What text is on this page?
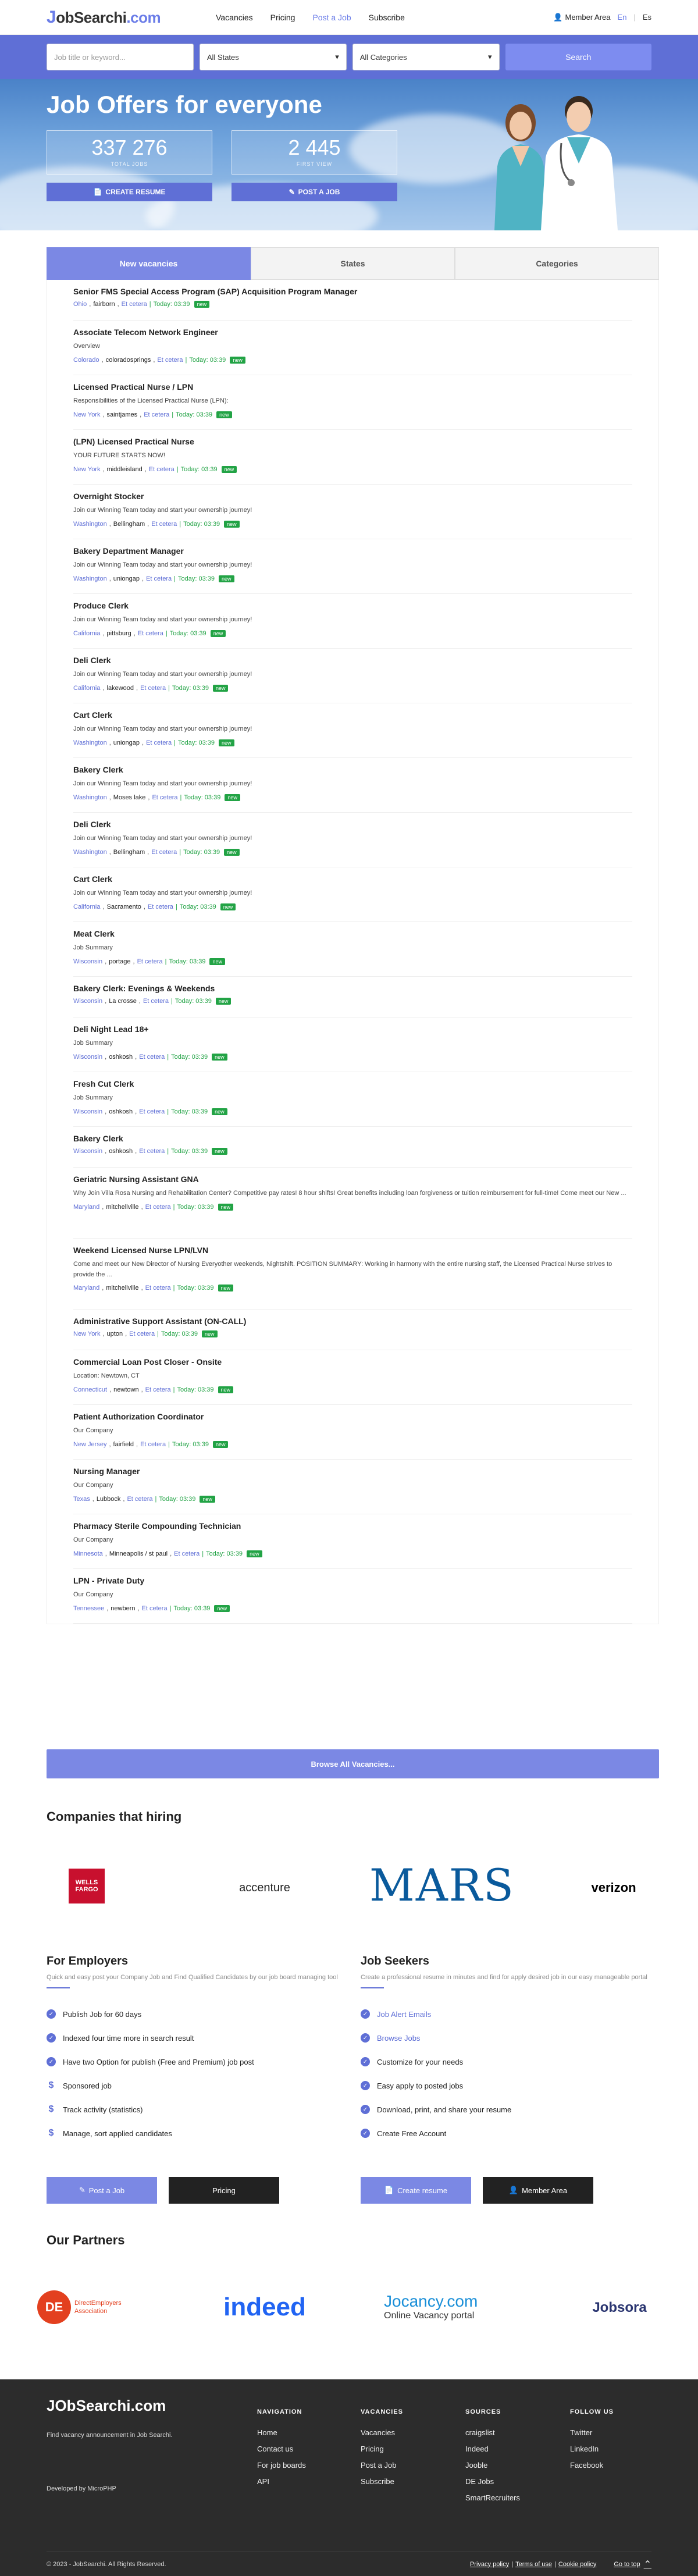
JobSearchi.com	Vacancies Pricing Post a Job Subscribe	👤 Member Area En | Es
Job title or keyword...	All States	▾	All Categories	▾	Search
Job Offers for everyone
337 276
TOTAL JOBS
2 445
FIRST VIEW
📄 CREATE RESUME	✎ POST A JOB
New vacancies	States	Categories
Senior FMS Special Access Program (SAP) Acquisition Program Manager
Ohio , fairborn , Et cetera | Today: 03:39	new
Associate Telecom Network Engineer
Overview
Colorado , coloradosprings , Et cetera | Today: 03:39	new
Licensed Practical Nurse / LPN
Responsibilities of the Licensed Practical Nurse (LPN):
New York , saintjames , Et cetera | Today: 03:39	new
(LPN) Licensed Practical Nurse
YOUR FUTURE STARTS NOW!
New York , middleisland , Et cetera | Today: 03:39	new
Overnight Stocker
Join our Winning Team today and start your ownership journey!
Washington , Bellingham , Et cetera | Today: 03:39	new
Bakery Department Manager
Join our Winning Team today and start your ownership journey!
Washington , uniongap , Et cetera | Today: 03:39	new
Produce Clerk
Join our Winning Team today and start your ownership journey!
California , pittsburg , Et cetera | Today: 03:39	new
Deli Clerk
Join our Winning Team today and start your ownership journey!
California , lakewood , Et cetera | Today: 03:39	new
Cart Clerk
Join our Winning Team today and start your ownership journey!
Washington , uniongap , Et cetera | Today: 03:39	new
Bakery Clerk
Join our Winning Team today and start your ownership journey!
Washington , Moses lake , Et cetera | Today: 03:39	new
Deli Clerk
Join our Winning Team today and start your ownership journey!
Washington , Bellingham , Et cetera | Today: 03:39	new
Cart Clerk
Join our Winning Team today and start your ownership journey!
California , Sacramento , Et cetera | Today: 03:39	new
Meat Clerk
Job Summary
Wisconsin , portage , Et cetera | Today: 03:39	new
Bakery Clerk: Evenings & Weekends
Wisconsin , La crosse , Et cetera | Today: 03:39	new
Deli Night Lead 18+
Job Summary
Wisconsin , oshkosh , Et cetera | Today: 03:39	new
Fresh Cut Clerk
Job Summary
Wisconsin , oshkosh , Et cetera | Today: 03:39	new
Bakery Clerk
Wisconsin , oshkosh , Et cetera | Today: 03:39	new
Geriatric Nursing Assistant GNA
Why Join Villa Rosa Nursing and Rehabilitation Center? Competitive pay rates! 8 hour shifts! Great benefits including loan forgiveness or tuition reimbursement for full-time! Come meet our New ...
Maryland , mitchellville , Et cetera | Today: 03:39	new
Weekend Licensed Nurse LPN/LVN
Come and meet our New Director of Nursing Everyother weekends, Nightshift. POSITION SUMMARY: Working in harmony with the entire nursing staff, the Licensed Practical Nurse strives to provide the ...
Maryland , mitchellville , Et cetera | Today: 03:39	new
Administrative Support Assistant (ON-CALL)
New York , upton , Et cetera | Today: 03:39	new
Commercial Loan Post Closer - Onsite
Location: Newtown, CT
Connecticut , newtown , Et cetera | Today: 03:39	new
Patient Authorization Coordinator
Our Company
New Jersey , fairfield , Et cetera | Today: 03:39	new
Nursing Manager
Our Company
Texas , Lubbock , Et cetera | Today: 03:39	new
Pharmacy Sterile Compounding Technician
Our Company
Minnesota , Minneapolis / st paul , Et cetera | Today: 03:39	new
LPN - Private Duty
Our Company
Tennessee , newbern , Et cetera | Today: 03:39	new
Browse All Vacancies...
Companies that hiring
WELLS
FARGO	accenture MARS	verizon
For Employers
Quick and easy post your Company Job and Find Qualified Candidates by our job board managing tool
✓ Publish Job for 60 days
✓ Indexed four time more in search result
✓ Have two Option for publish (Free and Premium) job post
$ Sponsored job
$ Track activity (statistics)
$ Manage, sort applied candidates
✎ Post a Job	Pricing
Job Seekers
Create a professional resume in minutes and find for apply desired job in our easy manageable portal
✓ Job Alert Emails
✓ Browse Jobs
✓ Customize for your needs
✓ Easy apply to posted jobs
✓ Download, print, and share your resume
✓ Create Free Account
📄 Create resume	👤 Member Area
Our Partners
DE	DirectEmployers
Association	indeed	Jocancy.com
Online Vacancy portal
Jobsora
JObSearchi.com
Find vacancy announcement in Job Searchi.
Developed by MicroPHP
NAVIGATION
Home
Contact us
For job boards
API
VACANCIES
Vacancies
Pricing
Post a Job
Subscribe
SOURCES
craigslist
Indeed
Jooble
DE Jobs
SmartRecruiters
FOLLOW US
Twitter
LinkedIn
Facebook
© 2023 - JobSearchi. All Rights Reserved.	Privacy policy | Terms of use | Cookie policy	Go to top ⌃
